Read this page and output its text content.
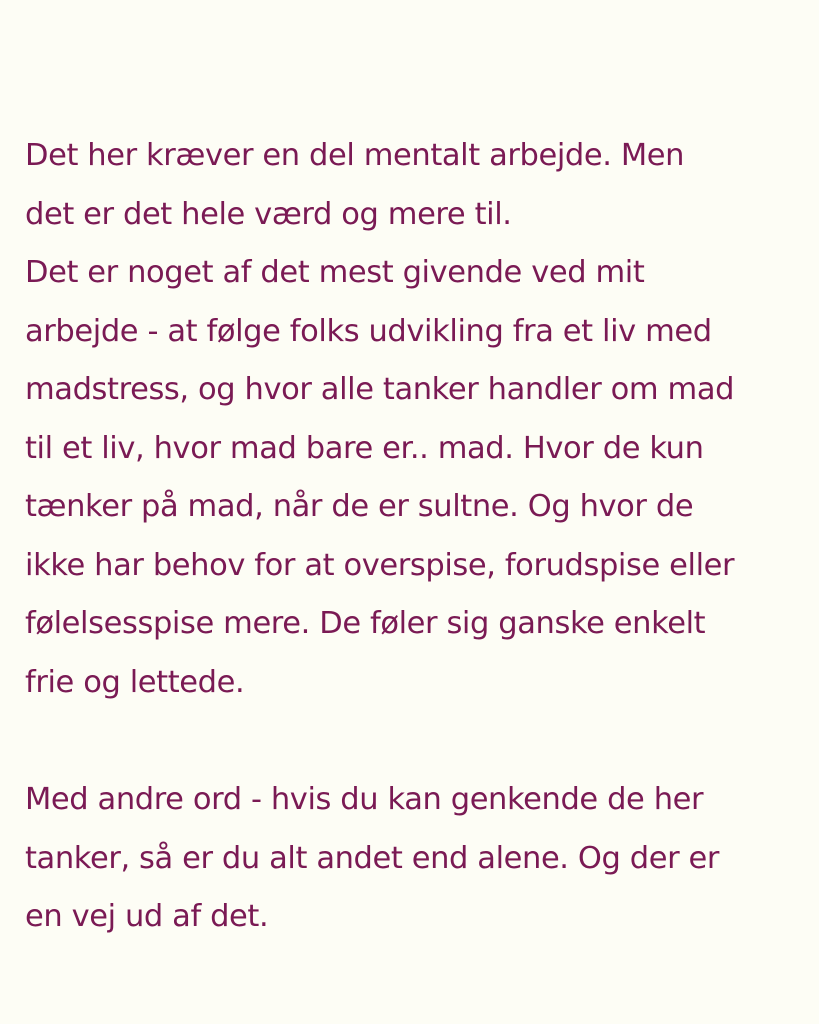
Det her kræver en del mentalt arbejde. Men
det er det hele værd og mere til.
Det er noget af det mest givende ved mit
arbejde - at følge folks udvikling fra et liv med
madstress, og hvor alle tanker handler om mad
til et liv, hvor mad bare er.. mad. Hvor de kun
tænker på mad, når de er sultne. Og hvor de
ikke har behov for at overspise, forudspise eller
følelsesspise mere. De føler sig ganske enkelt
frie og lettede.
Med andre ord - hvis du kan genkende de her
tanker, så er du alt andet end alene. Og der er
en vej ud af det.
